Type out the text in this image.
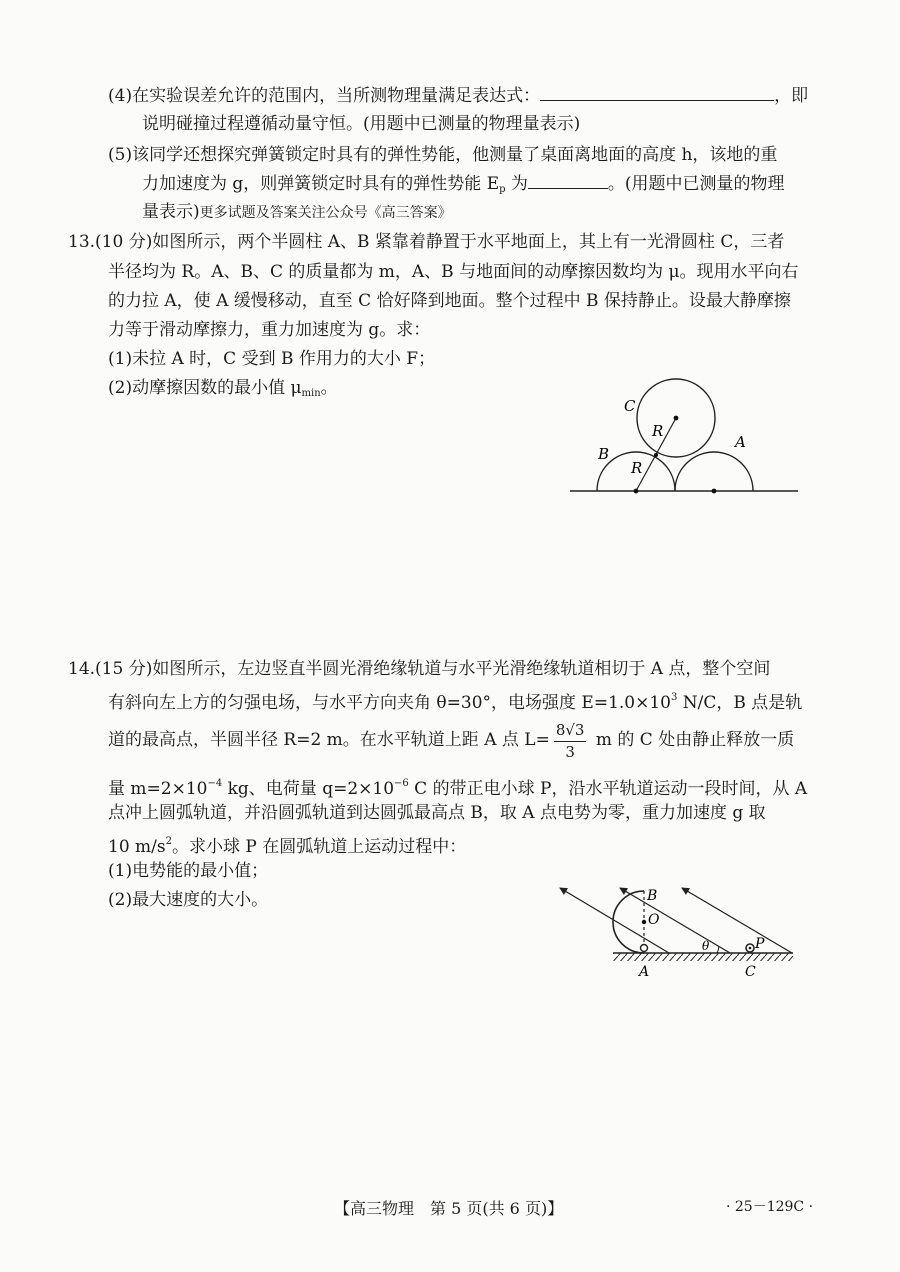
(4)在实验误差允许的范围内，当所测物理量满足表达式：	，即
说明碰撞过程遵循动量守恒。(用题中已测量的物理量表示)
(5)该同学还想探究弹簧锁定时具有的弹性势能，他测量了桌面离地面的高度 h，该地的重
力加速度为 g，则弹簧锁定时具有的弹性势能 $E_p$ 为	。(用题中已测量的物理
量表示)更多试题及答案关注公众号《高三答案》
13.(10 分)如图所示，两个半圆柱 A、B 紧靠着静置于水平地面上，其上有一光滑圆柱 C，三者
半径均为 R。A、B、C 的质量都为 m，A、B 与地面间的动摩擦因数均为 μ。现用水平向右
的力拉 A，使 A 缓慢移动，直至 C 恰好降到地面。整个过程中 B 保持静止。设最大静摩擦
力等于滑动摩擦力，重力加速度为 g。求：
(1)未拉 A 时，C 受到 B 作用力的大小 F；
(2)动摩擦因数的最小值 $\mu_{min}$。
C
B
A
R
R
14.(15 分)如图所示，左边竖直半圆光滑绝缘轨道与水平光滑绝缘轨道相切于 A 点，整个空间
有斜向左上方的匀强电场，与水平方向夹角 θ=30°，电场强度 $E=1.0\times 10^3$ N/C，B 点是轨
道的最高点，半圆半径 R=2 m。在水平轨道上距 A 点 $L= \frac{8√3}{3}$ m 的 C 处由静止释放一质
量 $m=2\times 10^{-4}$ kg、电荷量 $q=2\times 10^{-6}$ C 的带正电小球 P，沿水平轨道运动一段时间，从 A
点冲上圆弧轨道，并沿圆弧轨道到达圆弧最高点 B，取 A 点电势为零，重力加速度 g 取
10 $m/s^2$。求小球 P 在圆弧轨道上运动过程中：
(1)电势能的最小值；
(2)最大速度的大小。	B
O
A	C
P
θ
【高三物理　第 5 页(共 6 页)】	· 25－129C ·
